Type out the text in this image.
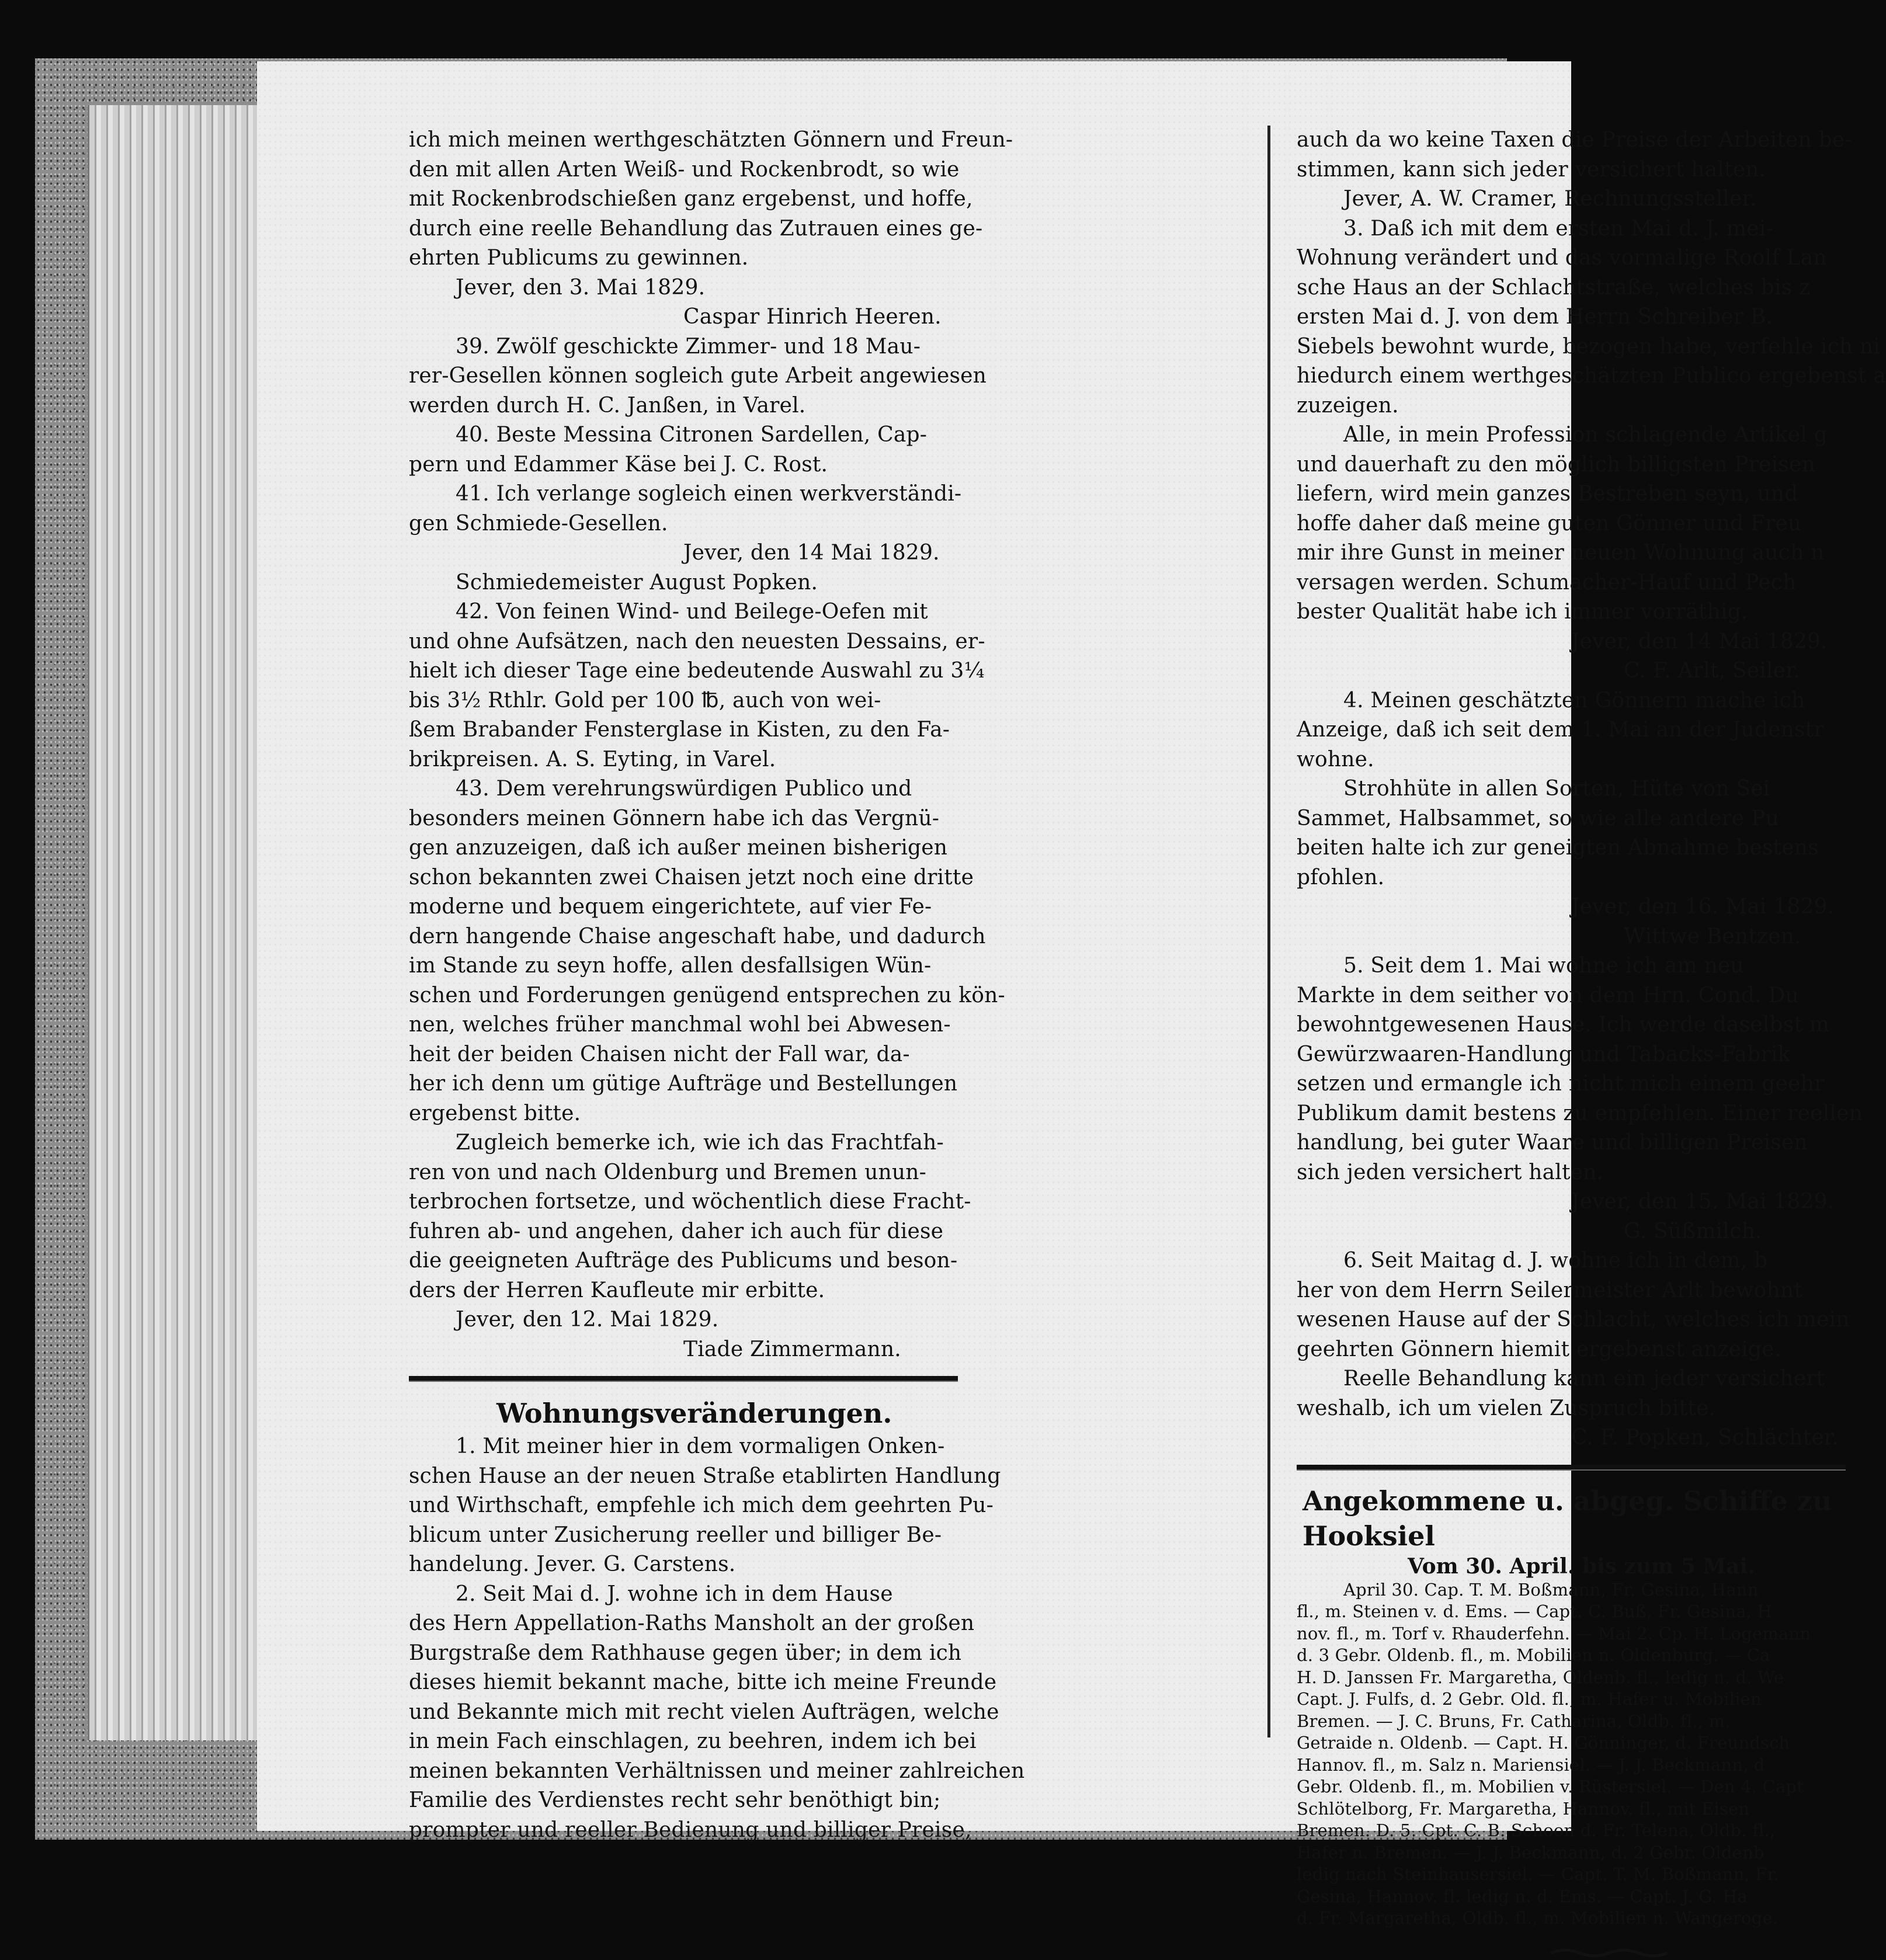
ich mich meinen werthgeschätzten Gönnern und Freun-

den mit allen Arten Weiß- und Rockenbrodt, so wie

mit Rockenbrodschießen ganz ergebenst, und hoffe,

durch eine reelle Behandlung das Zutrauen eines ge-

ehrten Publicums zu gewinnen.

Jever, den 3. Mai 1829.

Caspar Hinrich Heeren.

39. Zwölf geschickte Zimmer- und 18 Mau-

rer-Gesellen können sogleich gute Arbeit angewiesen

werden durch H. C. Janßen, in Varel.

40. Beste Messina Citronen Sardellen, Cap-

pern und Edammer Käse bei J. C. Rost.

41. Ich verlange sogleich einen werkverständi-

gen Schmiede-Gesellen.

Jever, den 14 Mai 1829.

Schmiedemeister August Popken.

42. Von feinen Wind- und Beilege-Oefen mit

und ohne Aufsätzen, nach den neuesten Dessains, er-

hielt ich dieser Tage eine bedeutende Auswahl zu 3¼

bis 3½ Rthlr. Gold per 100 ℔, auch von wei-

ßem Brabander Fensterglase in Kisten, zu den Fa-

brikpreisen. A. S. Eyting, in Varel.

43. Dem verehrungswürdigen Publico und

besonders meinen Gönnern habe ich das Vergnü-

gen anzuzeigen, daß ich außer meinen bisherigen

schon bekannten zwei Chaisen jetzt noch eine dritte

moderne und bequem eingerichtete, auf vier Fe-

dern hangende Chaise angeschaft habe, und dadurch

im Stande zu seyn hoffe, allen desfallsigen Wün-

schen und Forderungen genügend entsprechen zu kön-

nen, welches früher manchmal wohl bei Abwesen-

heit der beiden Chaisen nicht der Fall war, da-

her ich denn um gütige Aufträge und Bestellungen

ergebenst bitte.

Zugleich bemerke ich, wie ich das Frachtfah-

ren von und nach Oldenburg und Bremen unun-

terbrochen fortsetze, und wöchentlich diese Fracht-

fuhren ab- und angehen, daher ich auch für diese

die geeigneten Aufträge des Publicums und beson-

ders der Herren Kaufleute mir erbitte.

Jever, den 12. Mai 1829.

Tiade Zimmermann.

Wohnungsveränderungen.

1. Mit meiner hier in dem vormaligen Onken-

schen Hause an der neuen Straße etablirten Handlung

und Wirthschaft, empfehle ich mich dem geehrten Pu-

blicum unter Zusicherung reeller und billiger Be-

handelung. Jever. G. Carstens.

2. Seit Mai d. J. wohne ich in dem Hause

des Hern Appellation-Raths Mansholt an der großen

Burgstraße dem Rathhause gegen über; in dem ich

dieses hiemit bekannt mache, bitte ich meine Freunde

und Bekannte mich mit recht vielen Aufträgen, welche

in mein Fach einschlagen, zu beehren, indem ich bei

meinen bekannten Verhältnissen und meiner zahlreichen

Familie des Verdienstes recht sehr benöthigt bin;

prompter und reeller Bedienung und billiger Preise,

auch da wo keine Taxen die Preise der Arbeiten be-

stimmen, kann sich jeder versichert halten.

Jever, A. W. Cramer, Rechnungssteller.

3. Daß ich mit dem ersten Mai d. J. mei-

Wohnung verändert und das vormalige Roolf Lan

sche Haus an der Schlachtstraße, welches bis z

ersten Mai d. J. von dem Herrn Schreiber B.

Siebels bewohnt wurde, bezogen habe, verfehle ich ni

hiedurch einem werthgeschätzten Publico ergebenst a

zuzeigen.

Alle, in mein Profession schlagende Artikel g

und dauerhaft zu den möglich billigsten Preisen

liefern, wird mein ganzes Bestreben seyn, und

hoffe daher daß meine guten Gönner und Freu

mir ihre Gunst in meiner neuen Wohnung auch n

versagen werden. Schumacher-Hauf und Pech

bester Qualität habe ich immer vorräthig.

Jever, den 14 Mai 1829.

C. F. Arlt, Seiler.

4. Meinen geschätzten Gönnern mache ich

Anzeige, daß ich seit dem 1. Mai an der Judenstr

wohne.

Strohhüte in allen Sorten, Hüte von Sei

Sammet, Halbsammet, so wie alle andere Pu

beiten halte ich zur geneigten Abnahme bestens

pfohlen.

Jever, den 16. Mai 1829.

Wittwe Bentzen.

5. Seit dem 1. Mai wohne ich am neu

Markte in dem seither von dem Hrn. Cond. Du

bewohntgewesenen Hause. Ich werde daselbst m

Gewürzwaaren-Handlung und Tabacks-Fabrik

setzen und ermangle ich nicht mich einem geehr

Publikum damit bestens zu empfehlen. Einer reellen

handlung, bei guter Waare und billigen Preisen

sich jeden versichert halten.

Jever, den 15. Mai 1829.

G. Süßmilch.

6. Seit Maitag d. J. wohne ich in dem, b

her von dem Herrn Seilermeister Arlt bewohnt

wesenen Hause auf der Schlacht, welches ich mein

geehrten Gönnern hiemit ergebenst anzeige.

Reelle Behandlung kann ein jeder versichert

weshalb, ich um vielen Zuspruch bitte.

C. F. Popken, Schlächter.

Angekommene u. abgeg. Schiffe zu Hooksiel
Vom 30. April. bis zum 5 Mai.

April 30. Cap. T. M. Boßmann, Fr. Gesina, Hann

fl., m. Steinen v. d. Ems. — Capt. C. Buß, Fr. Gesina, H

nov. fl., m. Torf v. Rhauderfehn. — Mai 2. Cp. H. Logemann

d. 3 Gebr. Oldenb. fl., m. Mobilien n. Oldenburg. — Ca

H. D. Janssen Fr. Margaretha, Oldenb. fl., ledig n. d. We

Capt. J. Fulfs, d. 2 Gebr. Old. fl., m. Hafer u. Mobilien

Bremen. — J. C. Bruns, Fr. Catharina, Oldb. fl., m.

Getraide n. Oldenb. — Capt. H. Gönninger, d. Freundsch

Hannov. fl., m. Salz n. Mariensiel. — J. J. Beckmann, d

Gebr. Oldenb. fl., m. Mobilien v. Rüstersiel. — Den 4. Capt

Schlötelborg, Fr. Margaretha, Hannov. fl., mit Eisen

Bremen. D. 5. Cpt. C. B. Schoon d. Fr. Telena, Oldb. fl.,

Hafer n. Bremen. — J. J. Beckmann, d. 2 Gebr. Oldenb

ledig nach Steinhausersiel. — Capt. T. M. Boßmann, Fr.

Gesina, Hannov. fl. ledig n. d. Ems. — Capt. J. G. Ha

d. Fr. Margaretha, Oldb. fl., m. Mobilien n. Wangeroge.
